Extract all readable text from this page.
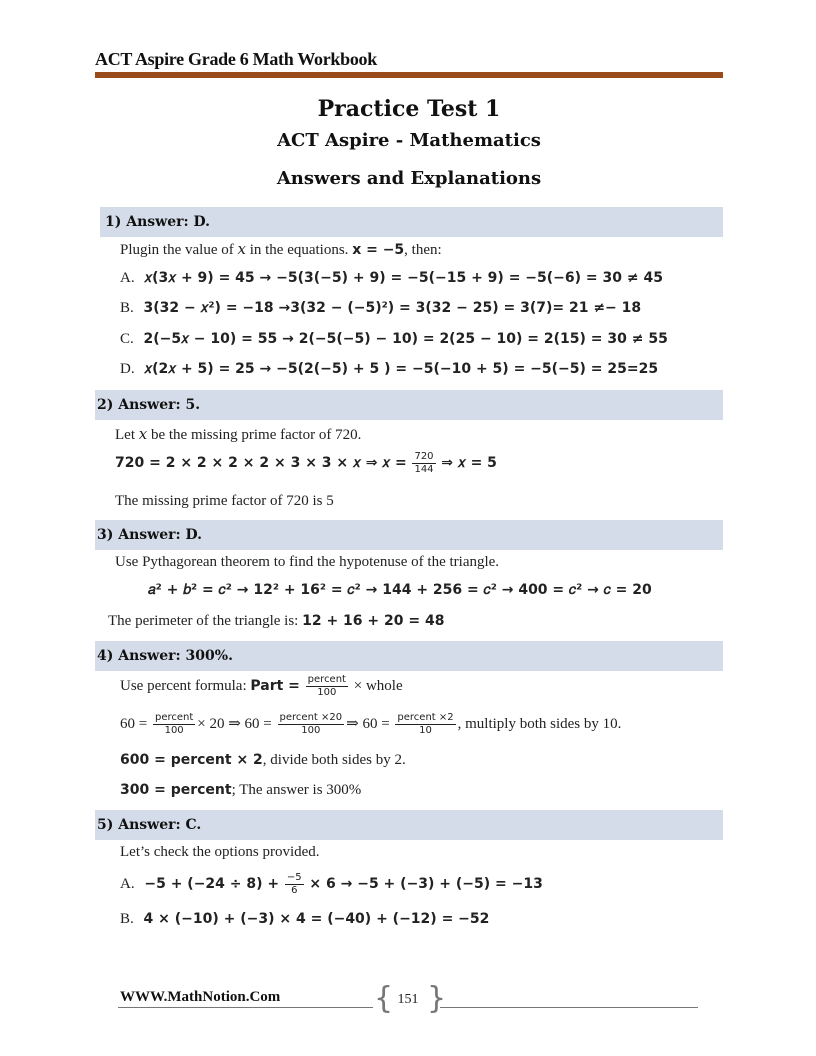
ACT Aspire Grade 6 Math Workbook
Practice Test 1
ACT Aspire - Mathematics
Answers and Explanations
1) Answer: D.
Plugin the value of x in the equations. x = −5, then:
A. 𝑥(3𝑥 + 9) = 45 → −5(3(−5) + 9) = −5(−15 + 9) = −5(−6) = 30 ≠ 45
B. 3(32 − 𝑥²) = −18 →3(32 − (−5)²) = 3(32 − 25) = 3(7)= 21 ≠− 18
C. 2(−5𝑥 − 10) = 55 → 2(−5(−5) − 10) = 2(25 − 10) = 2(15) = 30 ≠ 55
D. 𝑥(2𝑥 + 5) = 25 → −5(2(−5) + 5 ) = −5(−10 + 5) = −5(−5) = 25=25
2) Answer: 5.
Let x be the missing prime factor of 720.
720 = 2 × 2 × 2 × 2 × 3 × 3 × 𝑥 ⇒ 𝑥 = $\frac{720}{144}$ ⇒ 𝑥 = 5
The missing prime factor of 720 is 5
3) Answer: D.
Use Pythagorean theorem to find the hypotenuse of the triangle.
𝑎² + 𝑏² = 𝑐² → 12² + 16² = 𝑐² → 144 + 256 = 𝑐² → 400 = 𝑐² → 𝑐 = 20
The perimeter of the triangle is: 12 + 16 + 20 = 48
4) Answer: 300%.
Use percent formula: Part = $\frac{\text{percent}}{100}$ × whole
$60 = \frac{\text{percent}}{100} \times 20$ ⇒ $60 = \frac{\text{percent ×20}}{100}$ ⇒ $60 = \frac{\text{percent ×2}}{10}$ , multiply both sides by 10.
600 = percent × 2, divide both sides by 2.
300 = percent; The answer is 300%
5) Answer: C.
Let’s check the options provided.
A. $-5 + (-24 \div 8) + \frac{-5}{6} \times 6 \to -5 + (-3) + (-5) = -13$
B. 4 × (−10) + (−3) × 4 = (−40) + (−12) = −52
WWW.MathNotion.Com	{ 151 }
